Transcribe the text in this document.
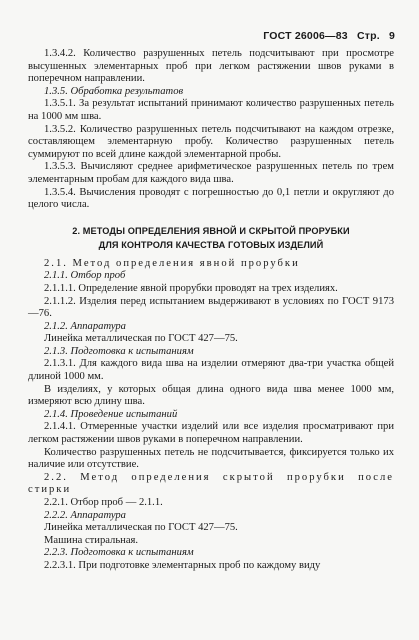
ГОСТ 26006—83 Стр. 9

1.3.4.2. Количество разрушенных петель подсчитывают при просмотре высушенных элементарных проб при легком растяжении швов руками в поперечном направлении.

1.3.5. Обработка результатов

1.3.5.1. За результат испытаний принимают количество разрушенных петель на 1000 мм шва.

1.3.5.2. Количество разрушенных петель подсчитывают на каждом отрезке, составляющем элементарную пробу. Количество разрушенных петель суммируют по всей длине каждой элементарной пробы.

1.3.5.3. Вычисляют среднее арифметическое разрушенных петель по трем элементарным пробам для каждого вида шва.

1.3.5.4. Вычисления проводят с погрешностью до 0,1 петли и округляют до целого числа.

2. МЕТОДЫ ОПРЕДЕЛЕНИЯ ЯВНОЙ И СКРЫТОЙ ПРОРУБКИ

ДЛЯ КОНТРОЛЯ КАЧЕСТВА ГОТОВЫХ ИЗДЕЛИЙ

2.1. Метод определения явной прорубки

2.1.1. Отбор проб

2.1.1.1. Определение явной прорубки проводят на трех изделиях.

2.1.1.2. Изделия перед испытанием выдерживают в условиях по ГОСТ 9173—76.

2.1.2. Аппаратура

Линейка металлическая по ГОСТ 427—75.

2.1.3. Подготовка к испытаниям

2.1.3.1. Для каждого вида шва на изделии отмеряют два-три участка общей длиной 1000 мм.

В изделиях, у которых общая длина одного вида шва менее 1000 мм, измеряют всю длину шва.

2.1.4. Проведение испытаний

2.1.4.1. Отмеренные участки изделий или все изделия просматривают при легком растяжении швов руками в поперечном направлении.

Количество разрушенных петель не подсчитывается, фиксируется только их наличие или отсутствие.

2.2. Метод определения скрытой прорубки после стирки

2.2.1. Отбор проб — 2.1.1.

2.2.2. Аппаратура

Линейка металлическая по ГОСТ 427—75.

Машина стиральная.

2.2.3. Подготовка к испытаниям

2.2.3.1. При подготовке элементарных проб по каждому виду
